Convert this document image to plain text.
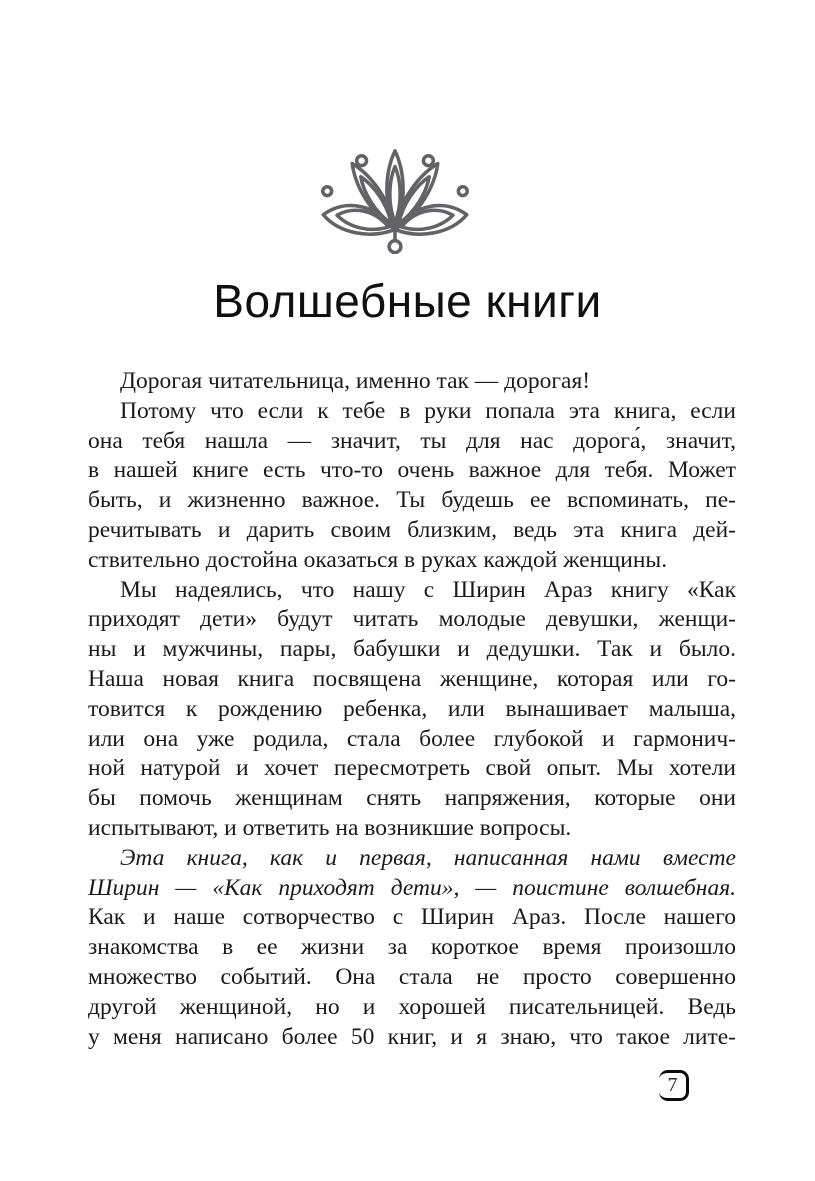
Волшебные книги
Дорогая читательница, именно так — дорогая!
Потому что если к тебе в руки попала эта книга, если
она тебя нашла — значит, ты для нас дорога́, значит,
в нашей книге есть что-то очень важное для тебя. Может
быть, и жизненно важное. Ты будешь ее вспоминать, пе-
речитывать и дарить своим близким, ведь эта книга дей-
ствительно достойна оказаться в руках каждой женщины.
Мы надеялись, что нашу с Ширин Араз книгу «Как
приходят дети» будут читать молодые девушки, женщи-
ны и мужчины, пары, бабушки и дедушки. Так и было.
Наша новая книга посвящена женщине, которая или го-
товится к рождению ребенка, или вынашивает малыша,
или она уже родила, стала более глубокой и гармонич-
ной натурой и хочет пересмотреть свой опыт. Мы хотели
бы помочь женщинам снять напряжения, которые они
испытывают, и ответить на возникшие вопросы.
Эта книга, как и первая, написанная нами вместе
Ширин — «Как приходят дети», — поистине волшебная.
Как и наше сотворчество с Ширин Араз. После нашего
знакомства в ее жизни за короткое время произошло
множество событий. Она стала не просто совершенно
другой женщиной, но и хорошей писательницей. Ведь
у меня написано более 50 книг, и я знаю, что такое лите-
7
